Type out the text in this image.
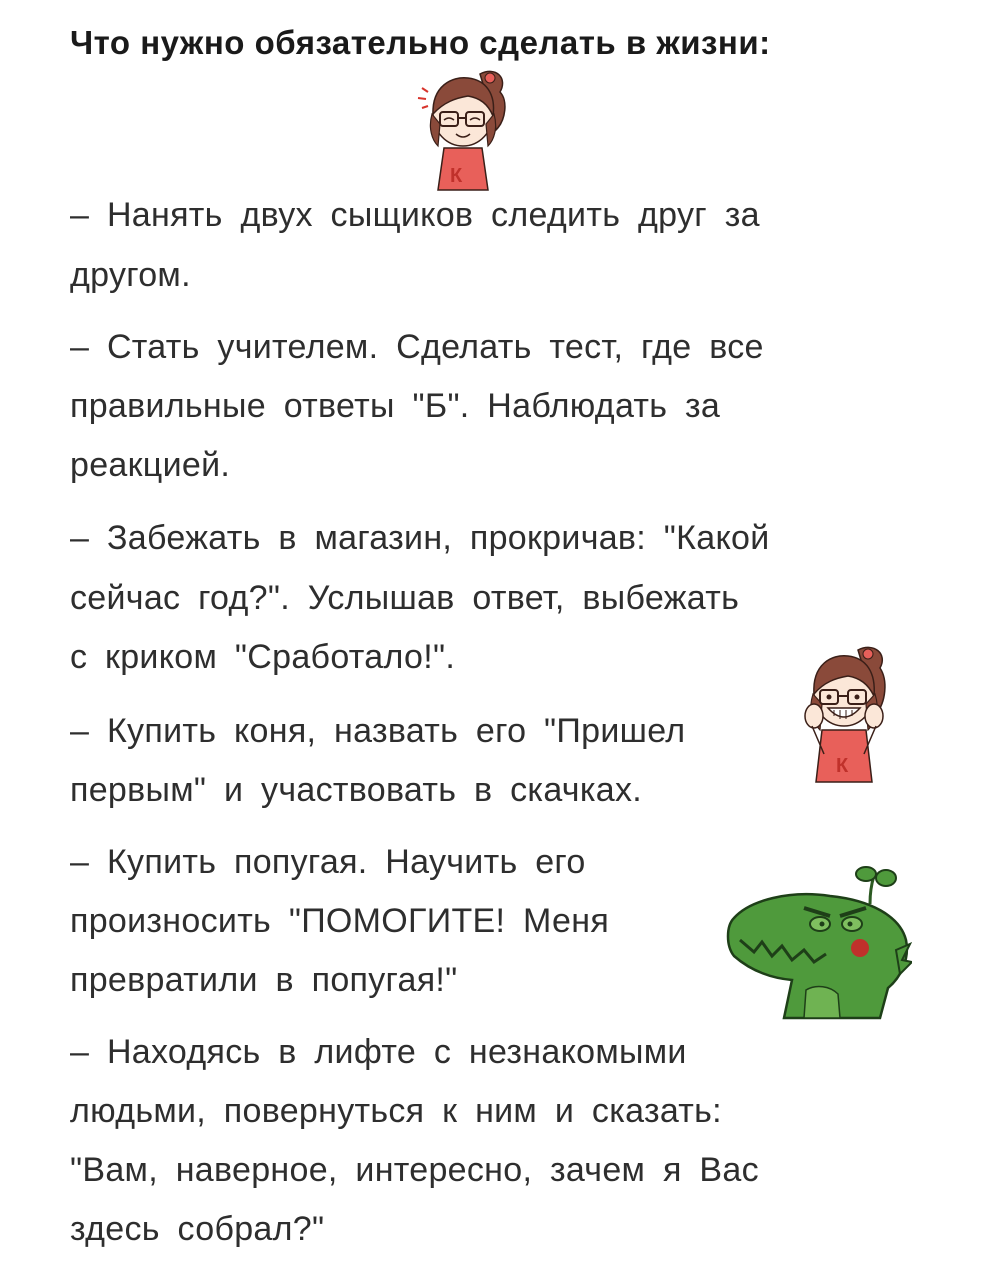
Что нужно обязательно сделать в жизни:
– Нанять двух сыщиков следить друг за
другом.
– Стать учителем. Сделать тест, где все
правильные ответы "Б". Наблюдать за
реакцией.
– Забежать в магазин, прокричав: "Какой
сейчас год?". Услышав ответ, выбежать
с криком "Сработало!".
– Купить коня, назвать его "Пришел
первым" и участвовать в скачках.
– Купить попугая. Научить его
произносить "ПОМОГИТЕ! Меня
превратили в попугая!"
– Находясь в лифте с незнакомыми
людьми, повернуться к ним и сказать:
"Вам, наверное, интересно, зачем я Вас
здесь собрал?"
К
К
